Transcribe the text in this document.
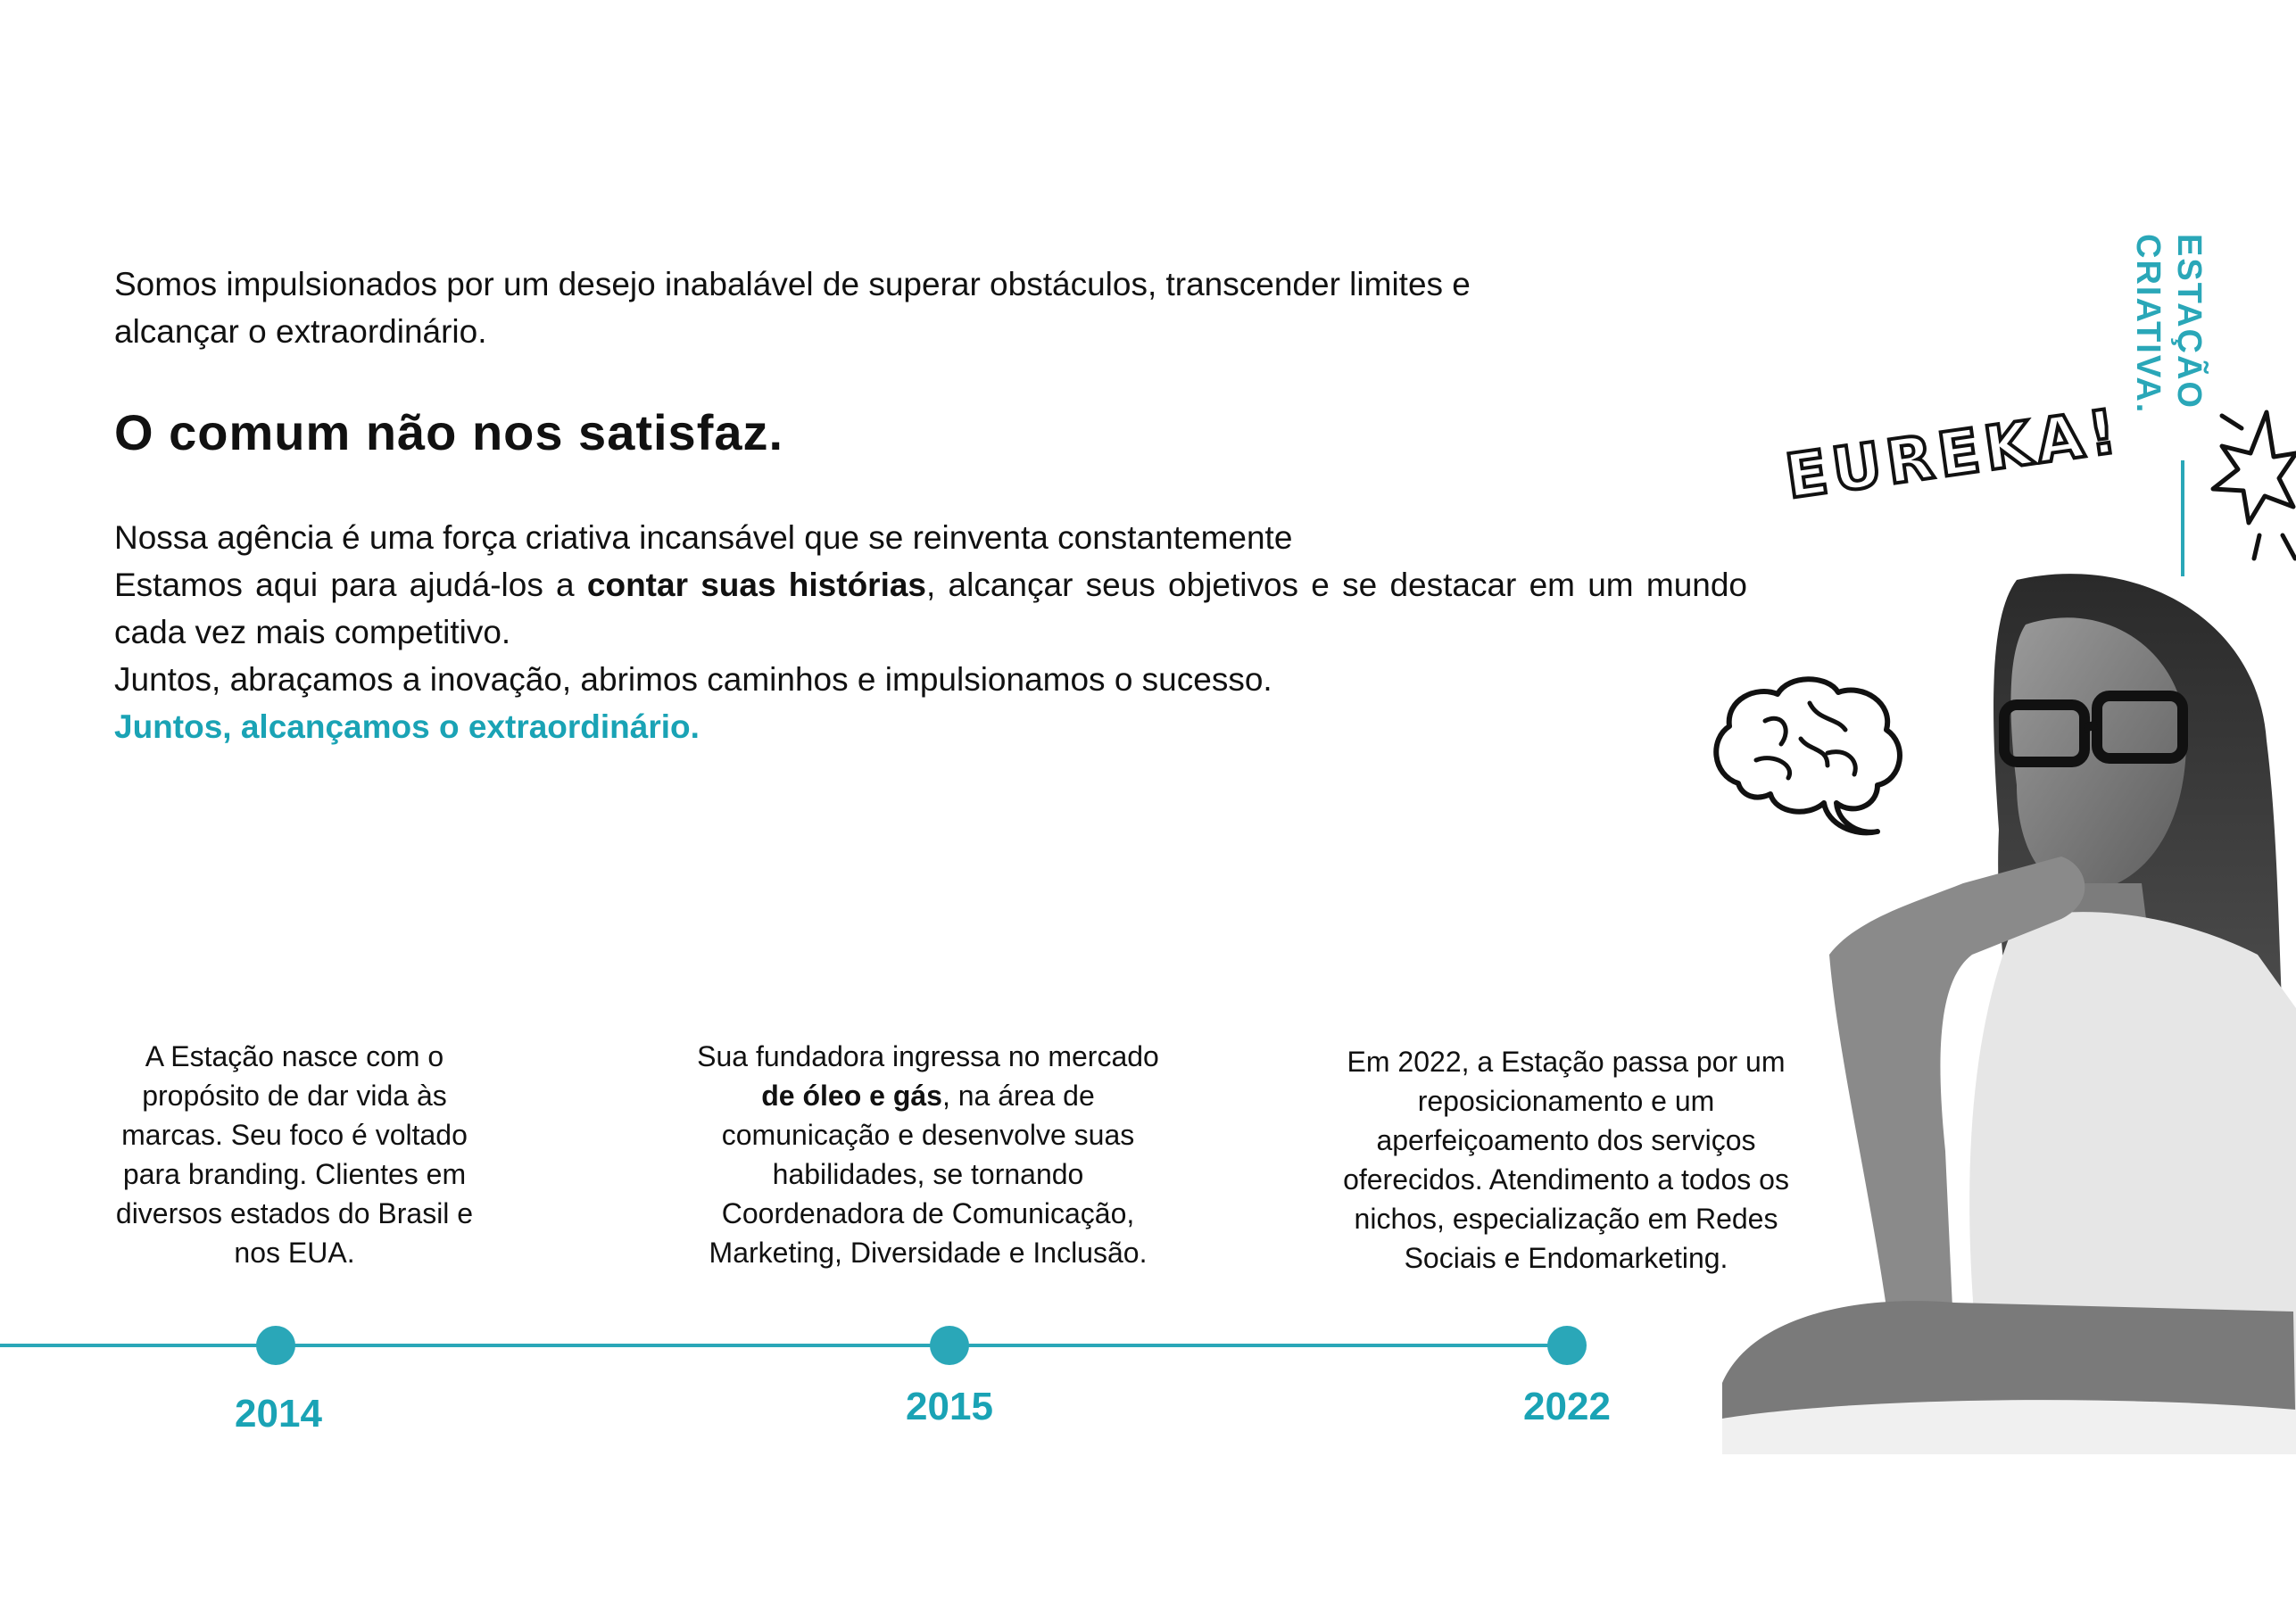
Somos impulsionados por um desejo inabalável de superar obstáculos, transcender limites e
alcançar o extraordinário.
O comum não nos satisfaz.

Nossa agência é uma força criativa incansável que se reinventa constantemente

Estamos aqui para ajudá-los a contar suas histórias, alcançar seus objetivos e se destacar em um mundo cada vez mais competitivo.

Juntos, abraçamos a inovação, abrimos caminhos e impulsionamos o sucesso.

Juntos, alcançamos o extraordinário.

ESTAÇÃO CRIATIVA.
EUREKA!
A Estação nasce com o propósito de dar vida às marcas. Seu foco é voltado para branding. Clientes em diversos estados do Brasil e nos EUA.
Sua fundadora ingressa no mercado de óleo e gás, na área de comunicação e desenvolve suas habilidades, se tornando Coordenadora de Comunicação, Marketing, Diversidade e Inclusão.
Em 2022, a Estação passa por um reposicionamento e um aperfeiçoamento dos serviços oferecidos. Atendimento a todos os nichos, especialização em Redes Sociais e Endomarketing.
2014	2015	2022
